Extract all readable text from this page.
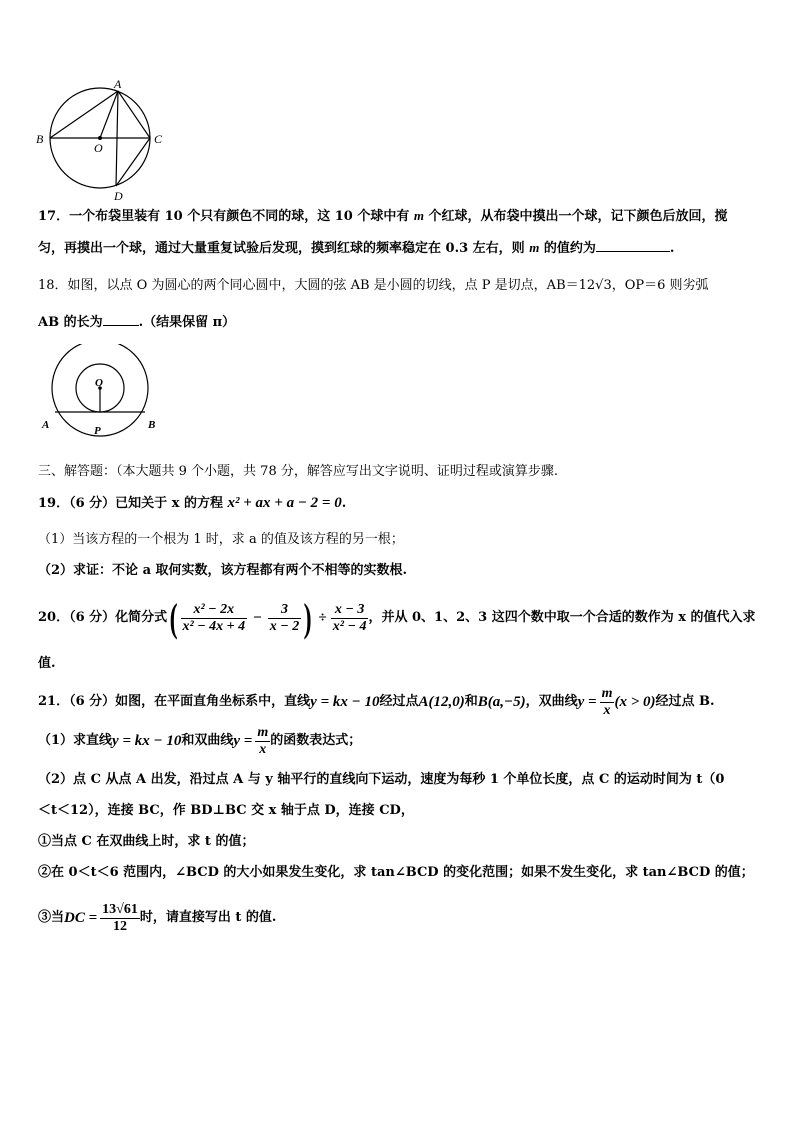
A
B	C
O
D
17．一个布袋里装有 10 个只有颜色不同的球，这 10 个球中有 m 个红球，从布袋中摸出一个球，记下颜色后放回，搅
匀，再摸出一个球，通过大量重复试验后发现，摸到红球的频率稳定在 0.3 左右，则 m 的值约为	.
18．如图，以点 O 为圆心的两个同心圆中，大圆的弦 AB 是小圆的切线，点 P 是切点，AB＝12√3，OP＝6 则劣弧
AB 的长为	.（结果保留 π）
O
A	P	B
三、解答题：（本大题共 9 个小题，共 78 分，解答应写出文字说明、证明过程或演算步骤.
19．（6 分）已知关于 x 的方程 x² + ax + a − 2 = 0.
（1）当该方程的一个根为 1 时，求 a 的值及该方程的另一根；
（2）求证：不论 a 取何实数，该方程都有两个不相等的实数根.
20．（6 分）化简分式 ( $\frac{\text{x² − 2x}}{\text{x² − 4x + 4}} - \frac{3}{x - 2}$ ) ÷ $\frac{x - 3}{\text{x² − 4}}$ ，并从 0、1、2、3 这四个数中取一个合适的数作为 x 的值代入求
值.
21．（6 分）如图，在平面直角坐标系中，直线 y = kx − 10 经过点 A(12,0) 和 B(a,−5) ，双曲线 $y = \frac{m}{x} (x > 0)$ 经过点 B.
（1）求直线 y = kx − 10 和双曲线 $y = \frac{m}{x}$ 的函数表达式；
（2）点 C 从点 A 出发，沿过点 A 与 y 轴平行的直线向下运动，速度为每秒 1 个单位长度，点 C 的运动时间为 t（0
＜t＜12），连接 BC，作 BD⊥BC 交 x 轴于点 D，连接 CD，
①当点 C 在双曲线上时，求 t 的值；
②在 0＜t＜6 范围内，∠BCD 的大小如果发生变化，求 tan∠BCD 的变化范围；如果不发生变化，求 tan∠BCD 的值；
③当 DC = $\frac{13√61}{12}$ 时，请直接写出 t 的值.
